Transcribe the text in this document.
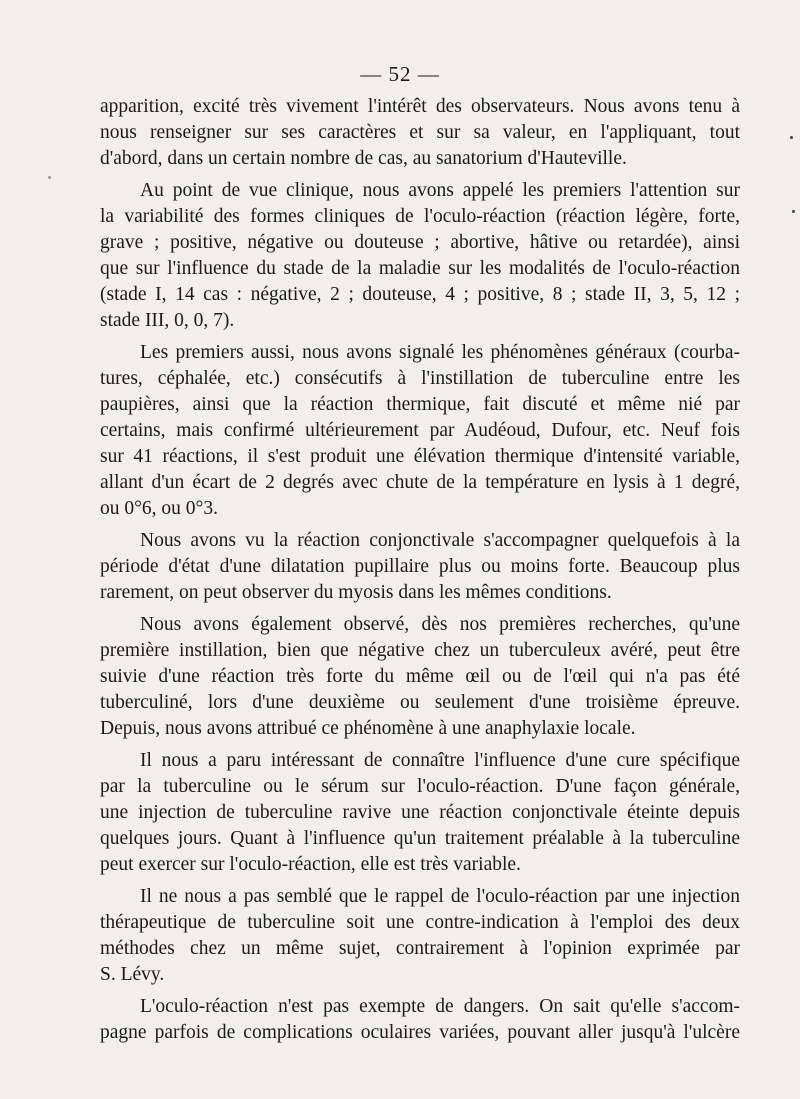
— 52 —
apparition, excité très vivement l'intérêt des observateurs. Nous avons tenu à
nous renseigner sur ses caractères et sur sa valeur, en l'appliquant, tout
d'abord, dans un certain nombre de cas, au sanatorium d'Hauteville.
Au point de vue clinique, nous avons appelé les premiers l'attention sur
la variabilité des formes cliniques de l'oculo-réaction (réaction légère, forte,
grave ; positive, négative ou douteuse ; abortive, hâtive ou retardée), ainsi
que sur l'influence du stade de la maladie sur les modalités de l'oculo-réaction
(stade I, 14 cas : négative, 2 ; douteuse, 4 ; positive, 8 ; stade II, 3, 5, 12 ;
stade III, 0, 0, 7).
Les premiers aussi, nous avons signalé les phénomènes généraux (courba-
tures, céphalée, etc.) consécutifs à l'instillation de tuberculine entre les
paupières, ainsi que la réaction thermique, fait discuté et même nié par
certains, mais confirmé ultérieurement par Audéoud, Dufour, etc. Neuf fois
sur 41 réactions, il s'est produit une élévation thermique d'intensité variable,
allant d'un écart de 2 degrés avec chute de la température en lysis à 1 degré,
ou 0°6, ou 0°3.
Nous avons vu la réaction conjonctivale s'accompagner quelquefois à la
période d'état d'une dilatation pupillaire plus ou moins forte. Beaucoup plus
rarement, on peut observer du myosis dans les mêmes conditions.
Nous avons également observé, dès nos premières recherches, qu'une
première instillation, bien que négative chez un tuberculeux avéré, peut être
suivie d'une réaction très forte du même œil ou de l'œil qui n'a pas été
tuberculiné, lors d'une deuxième ou seulement d'une troisième épreuve.
Depuis, nous avons attribué ce phénomène à une anaphylaxie locale.
Il nous a paru intéressant de connaître l'influence d'une cure spécifique
par la tuberculine ou le sérum sur l'oculo-réaction. D'une façon générale,
une injection de tuberculine ravive une réaction conjonctivale éteinte depuis
quelques jours. Quant à l'influence qu'un traitement préalable à la tuberculine
peut exercer sur l'oculo-réaction, elle est très variable.
Il ne nous a pas semblé que le rappel de l'oculo-réaction par une injection
thérapeutique de tuberculine soit une contre-indication à l'emploi des deux
méthodes chez un même sujet, contrairement à l'opinion exprimée par
S. Lévy.
L'oculo-réaction n'est pas exempte de dangers. On sait qu'elle s'accom-
pagne parfois de complications oculaires variées, pouvant aller jusqu'à l'ulcère
